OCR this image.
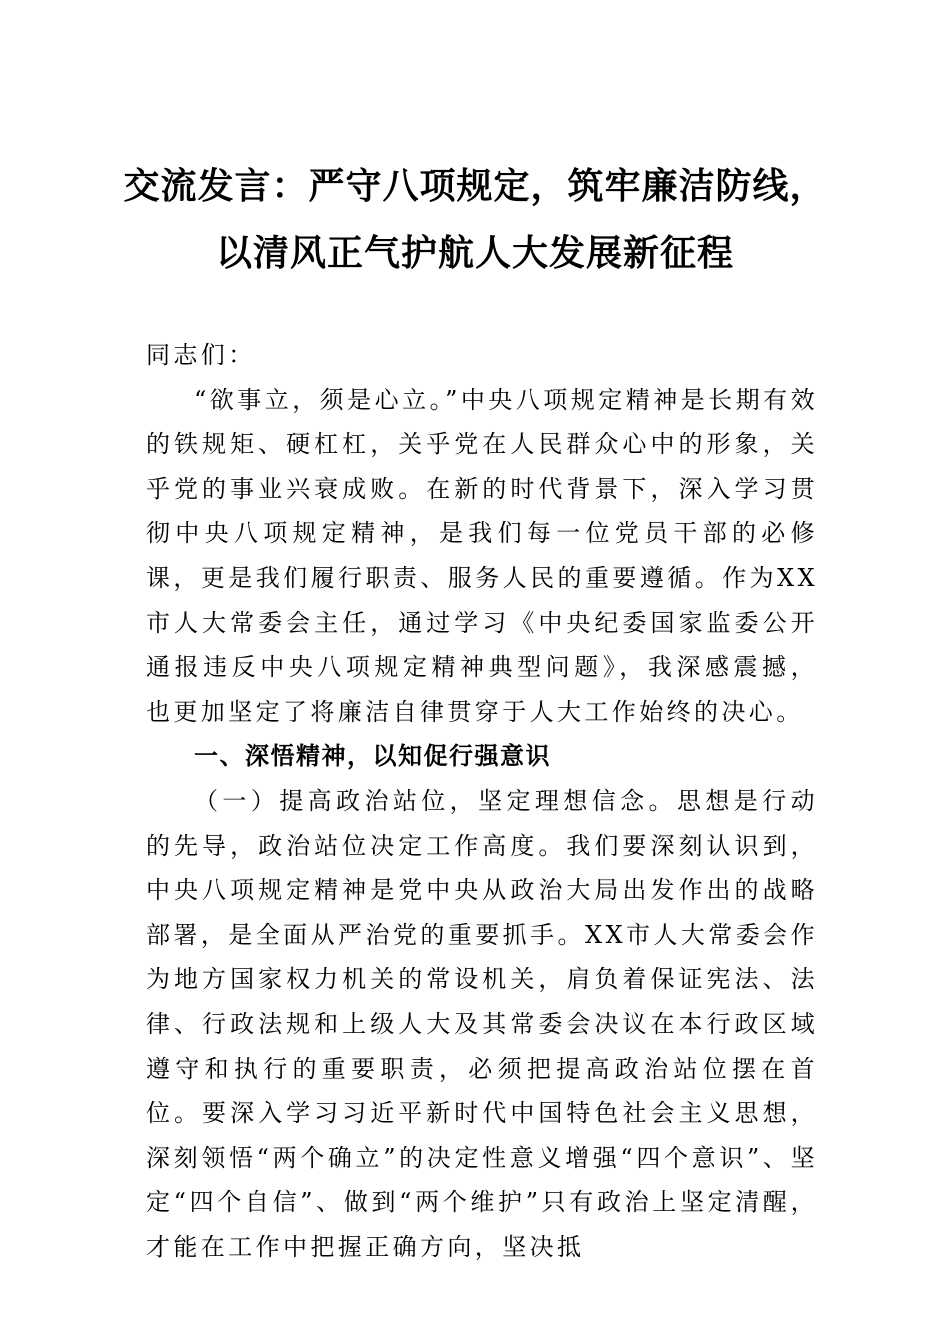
交流发言：严守八项规定，筑牢廉洁防线，
以清风正气护航人大发展新征程

同志们：

“欲事立，须是心立。”中央八项规定精神是长期有效的铁规矩、硬杠杠，关乎党在人民群众心中的形象，关乎党的事业兴衰成败。在新的时代背景下，深入学习贯彻中央八项规定精神，是我们每一位党员干部的必修课，更是我们履行职责、服务人民的重要遵循。作为XX市人大常委会主任，通过学习《中央纪委国家监委公开通报违反中央八项规定精神典型问题》，我深感震撼，也更加坚定了将廉洁自律贯穿于人大工作始终的决心。

一、深悟精神，以知促行强意识

（一）提高政治站位，坚定理想信念。思想是行动的先导，政治站位决定工作高度。我们要深刻认识到，中央八项规定精神是党中央从政治大局出发作出的战略部署，是全面从严治党的重要抓手。XX市人大常委会作为地方国家权力机关的常设机关，肩负着保证宪法、法律、行政法规和上级人大及其常委会决议在本行政区域遵守和执行的重要职责，必须把提高政治站位摆在首位。要深入学习习近平新时代中国特色社会主义思想，深刻领悟“两个确立”的决定性意义增强“四个意识”、坚定“四个自信”、做到“两个维护”只有政治上坚定清醒，才能在工作中把握正确方向，坚决抵
